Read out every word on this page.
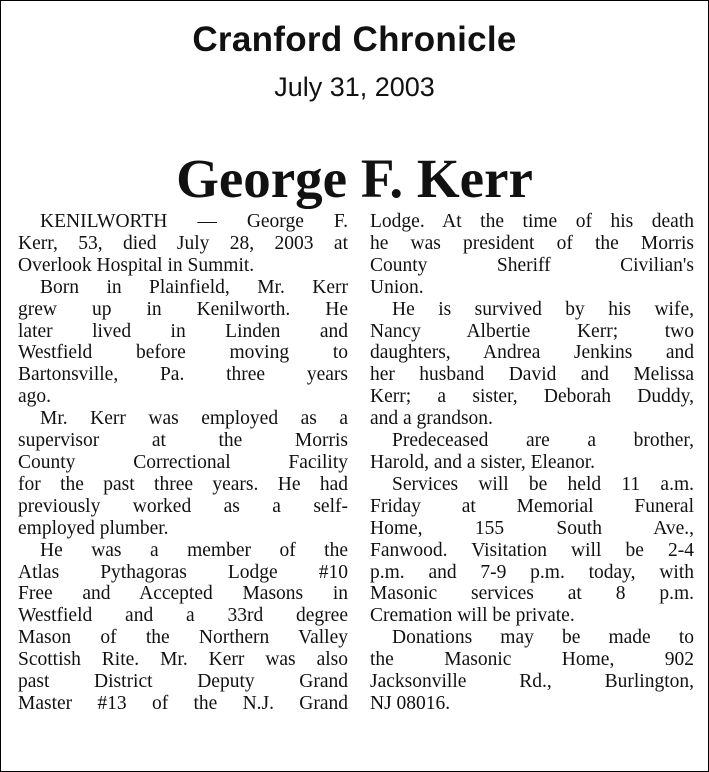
Cranford Chronicle
July 31, 2003
George F. Kerr
KENILWORTH — George F.
Kerr, 53, died July 28, 2003 at
Overlook Hospital in Summit.
Born in Plainfield, Mr. Kerr
grew up in Kenilworth. He
later lived in Linden and
Westfield before moving to
Bartonsville, Pa. three years
ago.
Mr. Kerr was employed as a
supervisor at the Morris
County Correctional Facility
for the past three years. He had
previously worked as a self-
employed plumber.
He was a member of the
Atlas Pythagoras Lodge #10
Free and Accepted Masons in
Westfield and a 33rd degree
Mason of the Northern Valley
Scottish Rite. Mr. Kerr was also
past District Deputy Grand
Master #13 of the N.J. Grand
Lodge. At the time of his death
he was president of the Morris
County Sheriff Civilian's
Union.
He is survived by his wife,
Nancy Albertie Kerr; two
daughters, Andrea Jenkins and
her husband David and Melissa
Kerr; a sister, Deborah Duddy,
and a grandson.
Predeceased are a brother,
Harold, and a sister, Eleanor.
Services will be held 11 a.m.
Friday at Memorial Funeral
Home, 155 South Ave.,
Fanwood. Visitation will be 2-4
p.m. and 7-9 p.m. today, with
Masonic services at 8 p.m.
Cremation will be private.
Donations may be made to
the Masonic Home, 902
Jacksonville Rd., Burlington,
NJ 08016.
